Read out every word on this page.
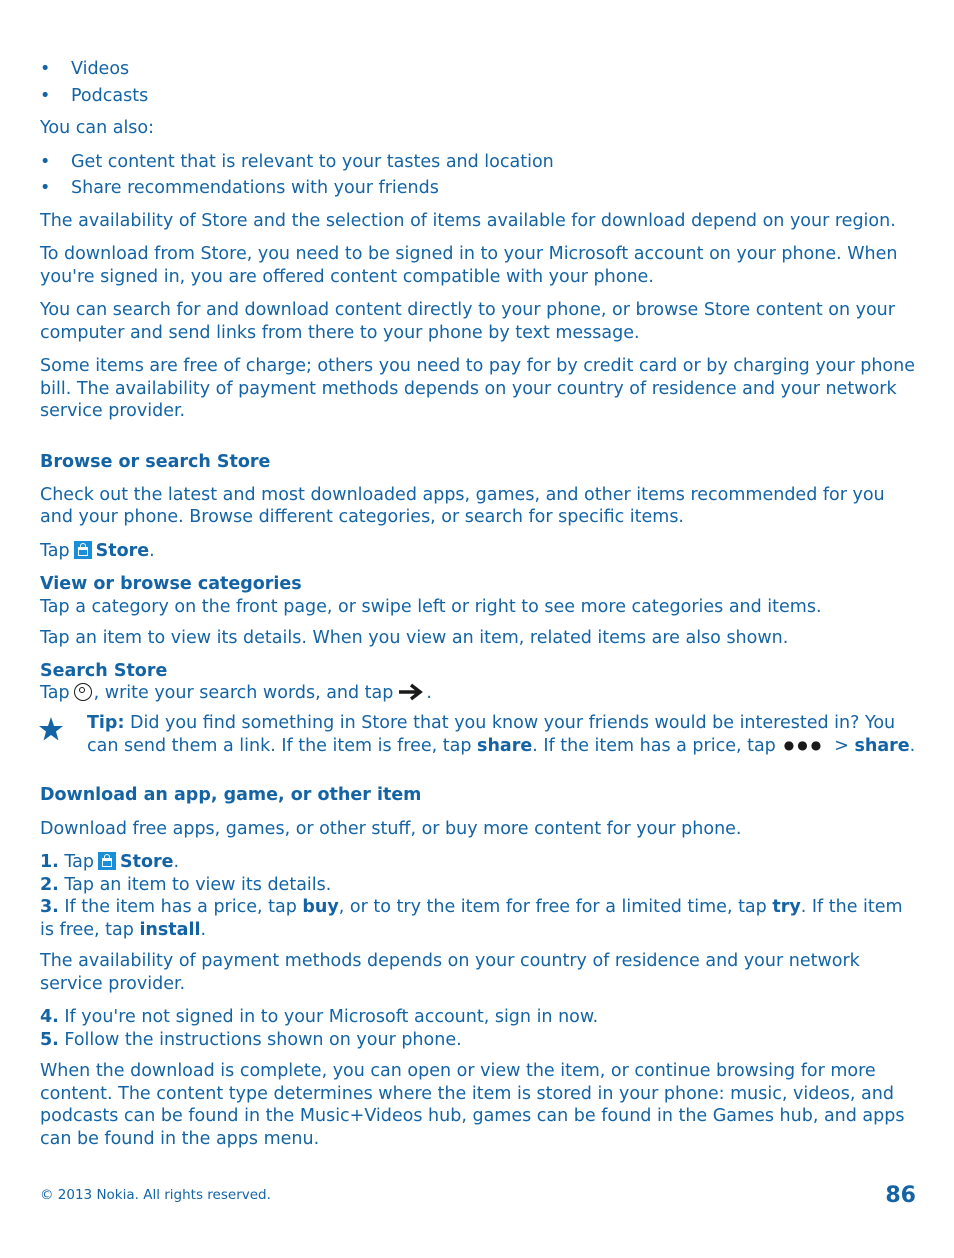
• Videos
• Podcasts

You can also:

• Get content that is relevant to your tastes and location
• Share recommendations with your friends

The availability of Store and the selection of items available for download depend on your region.

To download from Store, you need to be signed in to your Microsoft account on your phone. When you're signed in, you are offered content compatible with your phone.

You can search for and download content directly to your phone, or browse Store content on your computer and send links from there to your phone by text message.

Some items are free of charge; others you need to pay for by credit card or by charging your phone bill. The availability of payment methods depends on your country of residence and your network service provider.

Browse or search Store

Check out the latest and most downloaded apps, games, and other items recommended for you and your phone. Browse different categories, or search for specific items.

Tap Store.

View or browse categories

Tap a category on the front page, or swipe left or right to see more categories and items.

Tap an item to view its details. When you view an item, related items are also shown.

Search Store

Tap , write your search words, and tap .

Tip: Did you find something in Store that you know your friends would be interested in? You can send them a link. If the item is free, tap share. If the item has a price, tap ●●● > share.
Download an app, game, or other item

Download free apps, games, or other stuff, or buy more content for your phone.

1. Tap Store.

2. Tap an item to view its details.

3. If the item has a price, tap buy, or to try the item for free for a limited time, tap try. If the item is free, tap install.

The availability of payment methods depends on your country of residence and your network service provider.

4. If you're not signed in to your Microsoft account, sign in now.

5. Follow the instructions shown on your phone.

When the download is complete, you can open or view the item, or continue browsing for more content. The content type determines where the item is stored in your phone: music, videos, and podcasts can be found in the Music+Videos hub, games can be found in the Games hub, and apps can be found in the apps menu.

© 2013 Nokia. All rights reserved.	86
